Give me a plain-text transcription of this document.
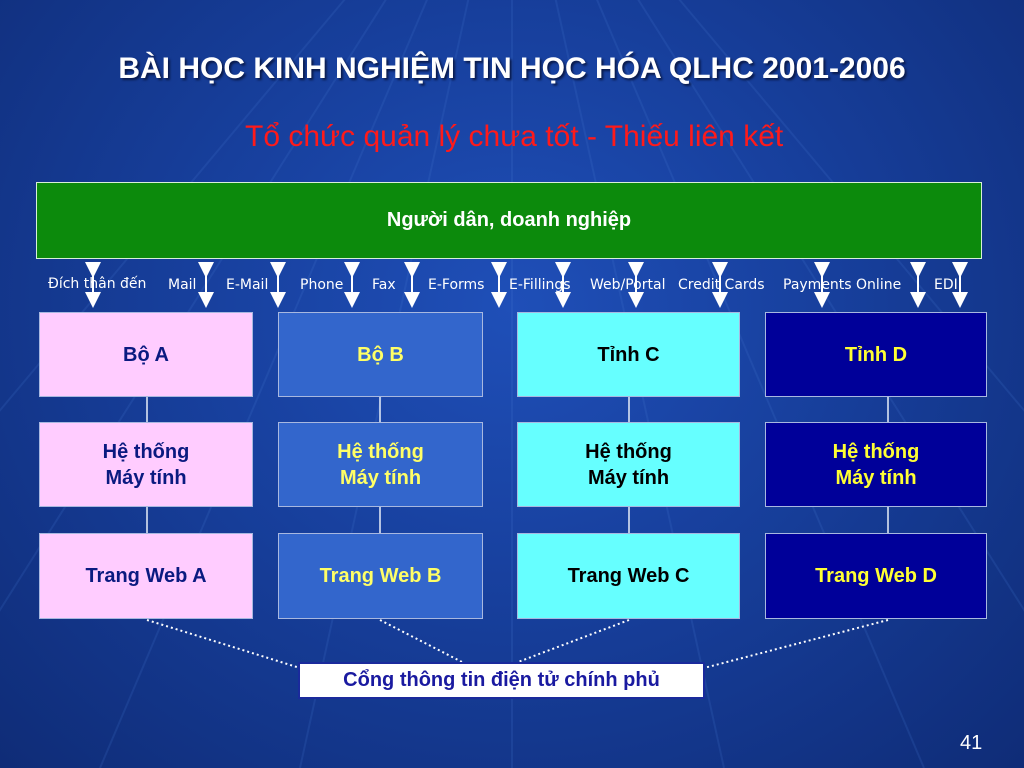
BÀI HỌC KINH NGHIỆM TIN HỌC HÓA QLHC 2001-2006
Tổ chức quản lý chưa tốt - Thiếu liên kết
Người dân, doanh nghiệp
Đích thân đến Mail E-Mail Phone Fax E-Forms E-Fillings Web/Portal Credit Cards Payments Online EDI
Bộ A
Hệ thống
Máy tính
Trang Web A
Bộ B
Hệ thống
Máy tính
Trang Web B
Tỉnh C
Hệ thống
Máy tính
Trang Web C
Tỉnh D
Hệ thống
Máy tính
Trang Web D
Cổng thông tin điện tử chính phủ
41
